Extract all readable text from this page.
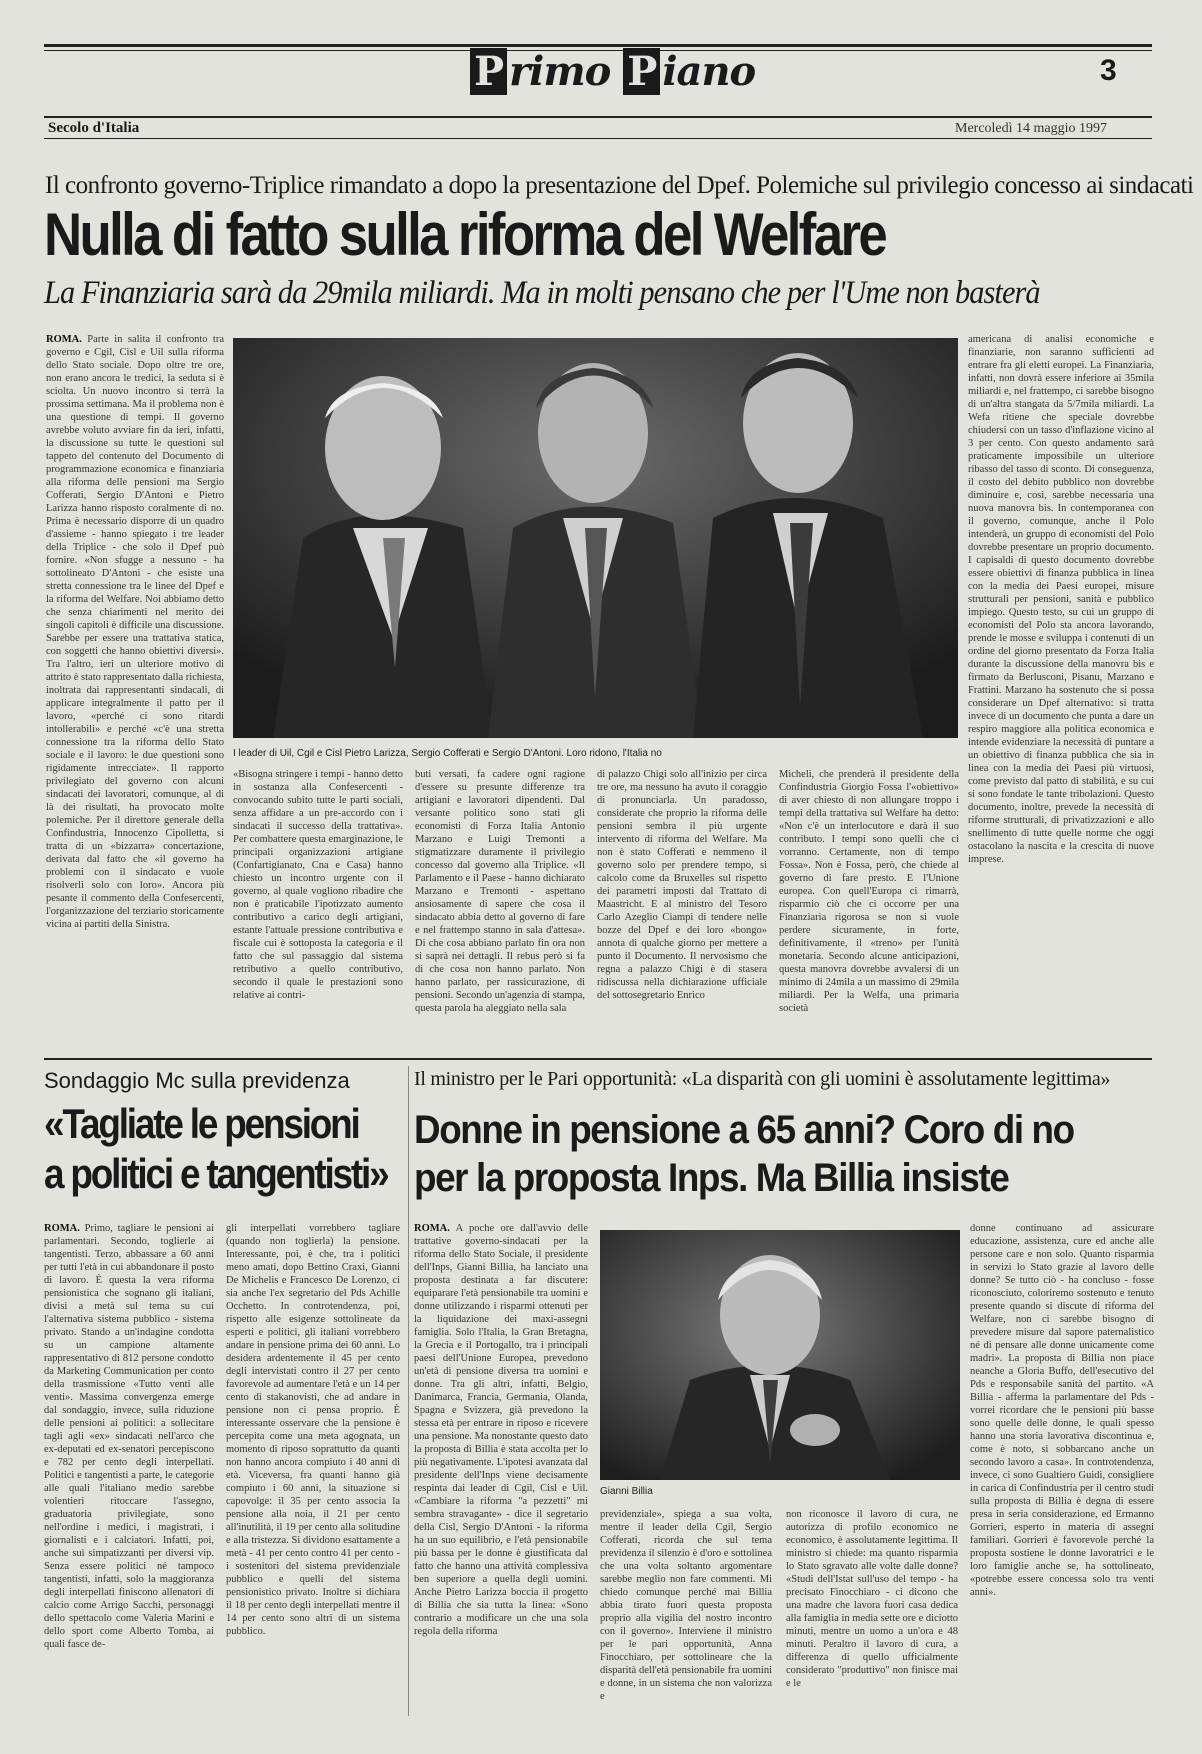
P rimo P iano	3
Secolo d'Italia	Mercoledì 14 maggio 1997
Il confronto governo-Triplice rimandato a dopo la presentazione del Dpef. Polemiche sul privilegio concesso ai sindacati
Nulla di fatto sulla riforma del Welfare
La Finanziaria sarà da 29mila miliardi. Ma in molti pensano che per l'Ume non basterà
ROMA. Parte in salita il confronto tra governo e Cgil, Cisl e Uil sulla riforma dello Stato sociale. Dopo oltre tre ore, non erano ancora le tredici, la seduta si è sciolta. Un nuovo incontro si terrà la prossima settimana. Ma il problema non è una questione di tempi. Il governo avrebbe voluto avviare fin da ieri, infatti, la discussione su tutte le questioni sul tappeto del contenuto del Documento di programmazione economica e finanziaria alla riforma delle pensioni ma Sergio Cofferati, Sergio D'Antoni e Pietro Larizza hanno risposto coralmente di no. Prima è necessario disporre di un quadro d'assieme - hanno spiegato i tre leader della Triplice - che solo il Dpef può fornire. «Non sfugge a nessuno - ha sottolineato D'Antoni - che esiste una stretta connessione tra le linee del Dpef e la riforma del Welfare. Noi abbiamo detto che senza chiarimenti nel merito dei singoli capitoli è difficile una discussione. Sarebbe per essere una trattativa statica, con soggetti che hanno obiettivi diversi». Tra l'altro, ieri un ulteriore motivo di attrito è stato rappresentato dalla richiesta, inoltrata dai rappresentanti sindacali, di applicare integralmente il patto per il lavoro, «perché ci sono ritardi intollerabili» e perché «c'è una stretta connessione tra la riforma dello Stato sociale e il lavoro: le due questioni sono rigidamente intrecciate». Il rapporto privilegiato del governo con alcuni sindacati dei lavoratori, comunque, al di là dei risultati, ha provocato molte polemiche. Per il direttore generale della Confindustria, Innocenzo Cipolletta, si tratta di un «bizzarra» concertazione, derivata dal fatto che «il governo ha problemi con il sindacato e vuole risolverli solo con loro». Ancora più pesante il commento della Confesercenti, l'organizzazione del terziario storicamente vicina ai partiti della Sinistra.
I leader di Uil, Cgil e Cisl Pietro Larizza, Sergio Cofferati e Sergio D'Antoni. Loro ridono, l'Italia no
«Bisogna stringere i tempi - hanno detto in sostanza alla Confesercenti - convocando subito tutte le parti sociali, senza affidare a un pre-accordo con i sindacati il successo della trattativa». Per combattere questa emarginazione, le principali organizzazioni artigiane (Confartigianato, Cna e Casa) hanno chiesto un incontro urgente con il governo, al quale vogliono ribadire che non è praticabile l'ipotizzato aumento contributivo a carico degli artigiani, estante l'attuale pressione contributiva e fiscale cui è sottoposta la categoria e il fatto che sul passaggio dal sistema retributivo a quello contributivo, secondo il quale le prestazioni sono relative ai contri-
buti versati, fa cadere ogni ragione d'essere su presunte differenze tra artigiani e lavoratori dipendenti. Dal versante politico sono stati gli economisti di Forza Italia Antonio Marzano e Luigi Tremonti a stigmatizzare duramente il privilegio concesso dal governo alla Triplice. «Il Parlamento e il Paese - hanno dichiarato Marzano e Tremonti - aspettano ansiosamente di sapere che cosa il sindacato abbia detto al governo di fare e nel frattempo stanno in sala d'attesa». Di che cosa abbiano parlato fin ora non si saprà nei dettagli. Il rebus però si fa di che cosa non hanno parlato. Non hanno parlato, per rassicurazione, di pensioni. Secondo un'agenzia di stampa, questa parola ha aleggiato nella sala
di palazzo Chigi solo all'inizio per circa tre ore, ma nessuno ha avuto il coraggio di pronunciarla. Un paradosso, considerate che proprio la riforma delle pensioni sembra il più urgente intervento di riforma del Welfare. Ma non è stato Cofferati e nemmeno il governo solo per prendere tempo, si calcolo come da Bruxelles sul rispetto dei parametri imposti dal Trattato di Maastricht. E al ministro del Tesoro Carlo Azeglio Ciampi di tendere nelle bozze del Dpef e dei loro «bongo» annota di qualche giorno per mettere a punto il Documento. Il nervosismo che regna a palazzo Chigi è di stasera ridiscussa nella dichiarazione ufficiale del sottosegretario Enrico
Micheli, che prenderà il presidente della Confindustria Giorgio Fossa l'«obiettivo» di aver chiesto di non allungare troppo i tempi della trattativa sul Welfare ha detto: «Non c'è un interlocutore e darà il suo contributo. I tempi sono quelli che ci vorranno. Certamente, non di tempo Fossa». Non è Fossa, però, che chiede al governo di fare presto. E l'Unione europea. Con quell'Europa ci rimarrà, risparmio ciò che ci occorre per una Finanziaria rigorosa se non si vuole perdere sicuramente, in forte, definitivamente, il «treno» per l'unità monetaria. Secondo alcune anticipazioni, questa manovra dovrebbe avvalersi di un minimo di 24mila a un massimo di 29mila miliardi. Per la Welfa, una primaria società
americana di analisi economiche e finanziarie, non saranno sufficienti ad entrare fra gli eletti europei. La Finanziaria, infatti, non dovrà essere inferiore ai 35mila miliardi e, nel frattempo, ci sarebbe bisogno di un'altra stangata da 5/7mila miliardi. La Wefa ritiene che speciale dovrebbe chiudersi con un tasso d'inflazione vicino al 3 per cento. Con questo andamento sarà praticamente impossibile un ulteriore ribasso del tasso di sconto. Di conseguenza, il costo del debito pubblico non dovrebbe diminuire e, così, sarebbe necessaria una nuova manovra bis. In contemporanea con il governo, comunque, anche il Polo intenderà, un gruppo di economisti del Polo dovrebbe presentare un proprio documento. I capisaldi di questo documento dovrebbe essere obiettivi di finanza pubblica in linea con la media dei Paesi europei, misure strutturali per pensioni, sanità e pubblico impiego. Questo testo, su cui un gruppo di economisti del Polo sta ancora lavorando, prende le mosse e sviluppa i contenuti di un ordine del giorno presentato da Forza Italia durante la discussione della manovra bis e firmato da Berlusconi, Pisanu, Marzano e Frattini. Marzano ha sostenuto che si possa considerare un Dpef alternativo: si tratta invece di un documento che punta a dare un respiro maggiore alla politica economica e intende evidenziare la necessità di puntare a un obiettivo di finanza pubblica che sia in linea con la media dei Paesi più virtuosi, come previsto dal patto di stabilità, e su cui si sono fondate le tante tribolazioni. Questo documento, inoltre, prevede la necessità di riforme strutturali, di privatizzazioni e allo snellimento di tutte quelle norme che oggi ostacolano la nascita e la crescita di nuove imprese.
Sondaggio Mc sulla previdenza
«Tagliate le pensioni
a politici e tangentisti»
ROMA. Primo, tagliare le pensioni ai parlamentari. Secondo, toglierle ai tangentisti. Terzo, abbassare a 60 anni per tutti l'età in cui abbandonare il posto di lavoro. È questa la vera riforma pensionistica che sognano gli italiani, divisi a metà sul tema su cui l'alternativa sistema pubblico - sistema privato. Stando a un'indagine condotta su un campione altamente rappresentativo di 812 persone condotto da Marketing Communication per conto della trasmissione «Tutto venti alle venti». Massima convergenza emerge dal sondaggio, invece, sulla riduzione delle pensioni ai politici: a sollecitare tagli agli «ex» sindacati nell'arco che ex-deputati ed ex-senatori percepiscono e 782 per cento degli interpellati. Politici e tangentisti a parte, le categorie alle quali l'italiano medio sarebbe volentieri ritoccare l'assegno, graduatoria privilegiate, sono nell'ordine i medici, i magistrati, i giornalisti e i calciatori. Infatti, poi, anche sui simpatizzanti per diversi vip. Senza essere politici né tampoco tangentisti, infatti, solo la maggioranza degli interpellati finiscono allenatori di calcio come Arrigo Sacchi, personaggi dello spettacolo come Valeria Marini e dello sport come Alberto Tomba, ai quali fasce de-
gli interpellati vorrebbero tagliare (quando non toglierla) la pensione. Interessante, poi, è che, tra i politici meno amati, dopo Bettino Craxi, Gianni De Michelis e Francesco De Lorenzo, ci sia anche l'ex segretario del Pds Achille Occhetto. In controtendenza, poi, rispetto alle esigenze sottolineate da esperti e politici, gli italiani vorrebbero andare in pensione prima dei 60 anni. Lo desidera ardentemente il 45 per cento degli intervistati contro il 27 per cento favorevole ad aumentare l'età e un 14 per cento di stakanovisti, che ad andare in pensione non ci pensa proprio. È interessante osservare che la pensione è percepita come una meta agognata, un momento di riposo soprattutto da quanti non hanno ancora compiuto i 40 anni di età. Viceversa, fra quanti hanno già compiuto i 60 anni, la situazione si capovolge: il 35 per cento associa la pensione alla noia, il 21 per cento all'inutilità, il 19 per cento alla solitudine e alla tristezza. Si dividono esattamente a metà - 41 per cento contro 41 per cento - i sostenitori del sistema previdenziale pubblico e quelli del sistema pensionistico privato. Inoltre si dichiara il 18 per cento degli interpellati mentre il 14 per cento sono altri di un sistema pubblico.
Il ministro per le Pari opportunità: «La disparità con gli uomini è assolutamente legittima»
Donne in pensione a 65 anni? Coro di no
per la proposta Inps. Ma Billia insiste
ROMA. A poche ore dall'avvio delle trattative governo-sindacati per la riforma dello Stato Sociale, il presidente dell'Inps, Gianni Billia, ha lanciato una proposta destinata a far discutere: equiparare l'età pensionabile tra uomini e donne utilizzando i risparmi ottenuti per la liquidazione dei maxi-assegni famiglia. Solo l'Italia, la Gran Bretagna, la Grecia e il Portogallo, tra i principali paesi dell'Unione Europea, prevedono un'età di pensione diversa tra uomini e donne. Tra gli altri, infatti, Belgio, Danimarca, Francia, Germania, Olanda, Spagna e Svizzera, già prevedono la stessa età per entrare in riposo e ricevere una pensione. Ma nonostante questo dato la proposta di Billia è stata accolta per lo più negativamente. L'ipotesi avanzata dal presidente dell'Inps viene decisamente respinta dai leader di Cgil, Cisl e Uil. «Cambiare la riforma "a pezzetti" mi sembra stravagante» - dice il segretario della Cisl, Sergio D'Antoni - la riforma ha un suo equilibrio, e l'età pensionabile più bassa per le donne è giustificata dal fatto che hanno una attività complessiva ben superiore a quella degli uomini. Anche Pietro Larizza boccia il progetto di Billia che sia tutta la linea: «Sono contrario a modificare un che una sola regola della riforma
Gianni Billia
previdenziale», spiega a sua volta, mentre il leader della Cgil, Sergio Cofferati, ricorda che sul tema previdenza il silenzio è d'oro e sottolinea che una volta soltanto argomentare sarebbe meglio non fare commenti. Mi chiedo comunque perché mai Billia abbia tirato fuori questa proposta proprio alla vigilia del nostro incontro con il governo». Interviene il ministro per le pari opportunità, Anna Finocchiaro, per sottolineare che la disparità dell'età pensionabile fra uomini e donne, in un sistema che non valorizza e
non riconosce il lavoro di cura, ne autorizza di profilo economico ne economico, è assolutamente legittima. Il ministro si chiede: ma quanto risparmia lo Stato sgravato alle volte dalle donne? «Studi dell'Istat sull'uso del tempo - ha precisato Finocchiaro - ci dicono che una madre che lavora fuori casa dedica alla famiglia in media sette ore e diciotto minuti, mentre un uomo a un'ora e 48 minuti. Peraltro il lavoro di cura, a differenza di quello ufficialmente considerato "produttivo" non finisce mai e le
donne continuano ad assicurare educazione, assistenza, cure ed anche alle persone care e non solo. Quanto risparmia in servizi lo Stato grazie al lavoro delle donne? Se tutto ciò - ha concluso - fosse riconosciuto, coloriremo sostenuto e tenuto presente quando si discute di riforma del Welfare, non ci sarebbe bisogno di prevedere misure dal sapore paternalistico né di pensare alle donne unicamente come madri». La proposta di Billia non piace neanche a Gloria Buffo, dell'esecutivo del Pds e responsabile sanità del partito. «A Billia - afferma la parlamentare del Pds - vorrei ricordare che le pensioni più basse sono quelle delle donne, le quali spesso hanno una storia lavorativa discontinua e, come è noto, si sobbarcano anche un secondo lavoro a casa». In controtendenza, invece, ci sono Gualtiero Guidi, consigliere in carica di Confindustria per il centro studi sulla proposta di Billia è degna di essere presa in seria considerazione, ed Ermanno Gorrieri, esperto in materia di assegni familiari. Gorrieri è favorevole perché la proposta sostiene le donne lavoratrici e le loro famiglie anche se, ha sottolineato, «potrebbe essere concessa solo tra venti anni».
